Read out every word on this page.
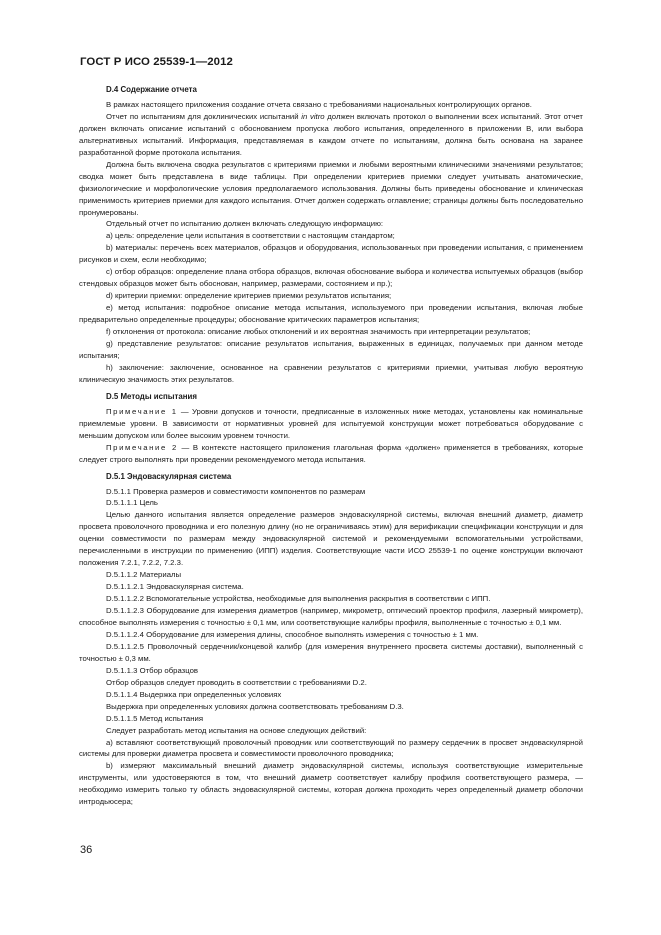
ГОСТ Р ИСО 25539-1—2012
D.4 Содержание отчета

В рамках настоящего приложения создание отчета связано с требованиями национальных контролирующих органов.

Отчет по испытаниям для доклинических испытаний in vitro должен включать протокол о выполнении всех испытаний. Этот отчет должен включать описание испытаний с обоснованием пропуска любого испытания, определенного в приложении В, или выбора альтернативных испытаний. Информация, представляемая в каждом отчете по испытаниям, должна быть основана на заранее разработанной форме протокола испытания.

Должна быть включена сводка результатов с критериями приемки и любыми вероятными клиническими значениями результатов; сводка может быть представлена в виде таблицы. При определении критериев приемки следует учитывать анатомические, физиологические и морфологические условия предполагаемого использования. Должны быть приведены обоснование и клиническая применимость критериев приемки для каждого испытания. Отчет должен содержать оглавление; страницы должны быть последовательно пронумерованы.

Отдельный отчет по испытанию должен включать следующую информацию:

а) цель: определение цели испытания в соответствии с настоящим стандартом;

b) материалы: перечень всех материалов, образцов и оборудования, использованных при проведении испытания, с применением рисунков и схем, если необходимо;

с) отбор образцов: определение плана отбора образцов, включая обоснование выбора и количества испытуемых образцов (выбор стендовых образцов может быть обоснован, например, размерами, состоянием и пр.);

d) критерии приемки: определение критериев приемки результатов испытания;

е) метод испытания: подробное описание метода испытания, используемого при проведении испытания, включая любые предварительно определенные процедуры; обоснование критических параметров испытания;

f) отклонения от протокола: описание любых отклонений и их вероятная значимость при интерпретации результатов;

g) представление результатов: описание результатов испытания, выраженных в единицах, получаемых при данном методе испытания;

h) заключение: заключение, основанное на сравнении результатов с критериями приемки, учитывая любую вероятную клиническую значимость этих результатов.

D.5 Методы испытания

Примечание 1 — Уровни допусков и точности, предписанные в изложенных ниже методах, установлены как номинальные приемлемые уровни. В зависимости от нормативных уровней для испытуемой конструкции может потребоваться оборудование с меньшим допуском или более высоким уровнем точности.

Примечание 2 — В контексте настоящего приложения глагольная форма «должен» применяется в требованиях, которые следует строго выполнять при проведении рекомендуемого метода испытания.

D.5.1 Эндоваскулярная система

D.5.1.1 Проверка размеров и совместимости компонентов по размерам

D.5.1.1.1 Цель

Целью данного испытания является определение размеров эндоваскулярной системы, включая внешний диаметр, диаметр просвета проволочного проводника и его полезную длину (но не ограничиваясь этим) для верификации спецификации конструкции и для оценки совместимости по размерам между эндоваскулярной системой и рекомендуемыми вспомогательными устройствами, перечисленными в инструкции по применению (ИПП) изделия. Соответствующие части ИСО 25539-1 по оценке конструкции включают положения 7.2.1, 7.2.2, 7.2.3.

D.5.1.1.2 Материалы

D.5.1.1.2.1 Эндоваскулярная система.

D.5.1.1.2.2 Вспомогательные устройства, необходимые для выполнения раскрытия в соответствии с ИПП.

D.5.1.1.2.3 Оборудование для измерения диаметров (например, микрометр, оптический проектор профиля, лазерный микрометр), способное выполнять измерения с точностью ± 0,1 мм, или соответствующие калибры профиля, выполненные с точностью ± 0,1 мм.

D.5.1.1.2.4 Оборудование для измерения длины, способное выполнять измерения с точностью ± 1 мм.

D.5.1.1.2.5 Проволочный сердечник/концевой калибр (для измерения внутреннего просвета системы доставки), выполненный с точностью ± 0,3 мм.

D.5.1.1.3 Отбор образцов

Отбор образцов следует проводить в соответствии с требованиями D.2.

D.5.1.1.4 Выдержка при определенных условиях

Выдержка при определенных условиях должна соответствовать требованиям D.3.

D.5.1.1.5 Метод испытания

Следует разработать метод испытания на основе следующих действий:

а) вставляют соответствующий проволочный проводник или соответствующий по размеру сердечник в просвет эндоваскулярной системы для проверки диаметра просвета и совместимости проволочного проводника;

b) измеряют максимальный внешний диаметр эндоваскулярной системы, используя соответствующие измерительные инструменты, или удостоверяются в том, что внешний диаметр соответствует калибру профиля соответствующего размера, — необходимо измерить только ту область эндоваскулярной системы, которая должна проходить через определенный диаметр оболочки интродьюсера;

36
